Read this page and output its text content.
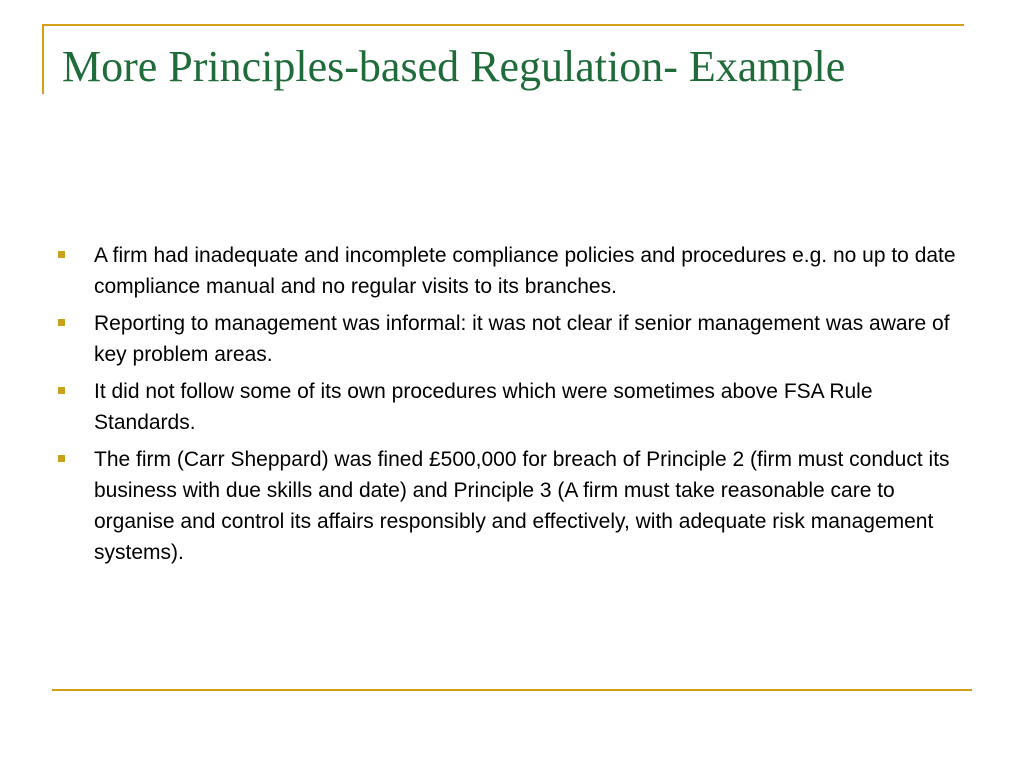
More Principles-based Regulation- Example
A firm had inadequate and incomplete compliance policies and procedures e.g. no up to date compliance manual and no regular visits to its branches.
Reporting to management was informal: it was not clear if senior management was aware of key problem areas.
It did not follow some of its own procedures which were sometimes above FSA Rule Standards.
The firm (Carr Sheppard) was fined £500,000 for breach of Principle 2 (firm must conduct its business with due skills and date) and Principle 3 (A firm must take reasonable care to organise and control its affairs responsibly and effectively, with adequate risk management systems).
